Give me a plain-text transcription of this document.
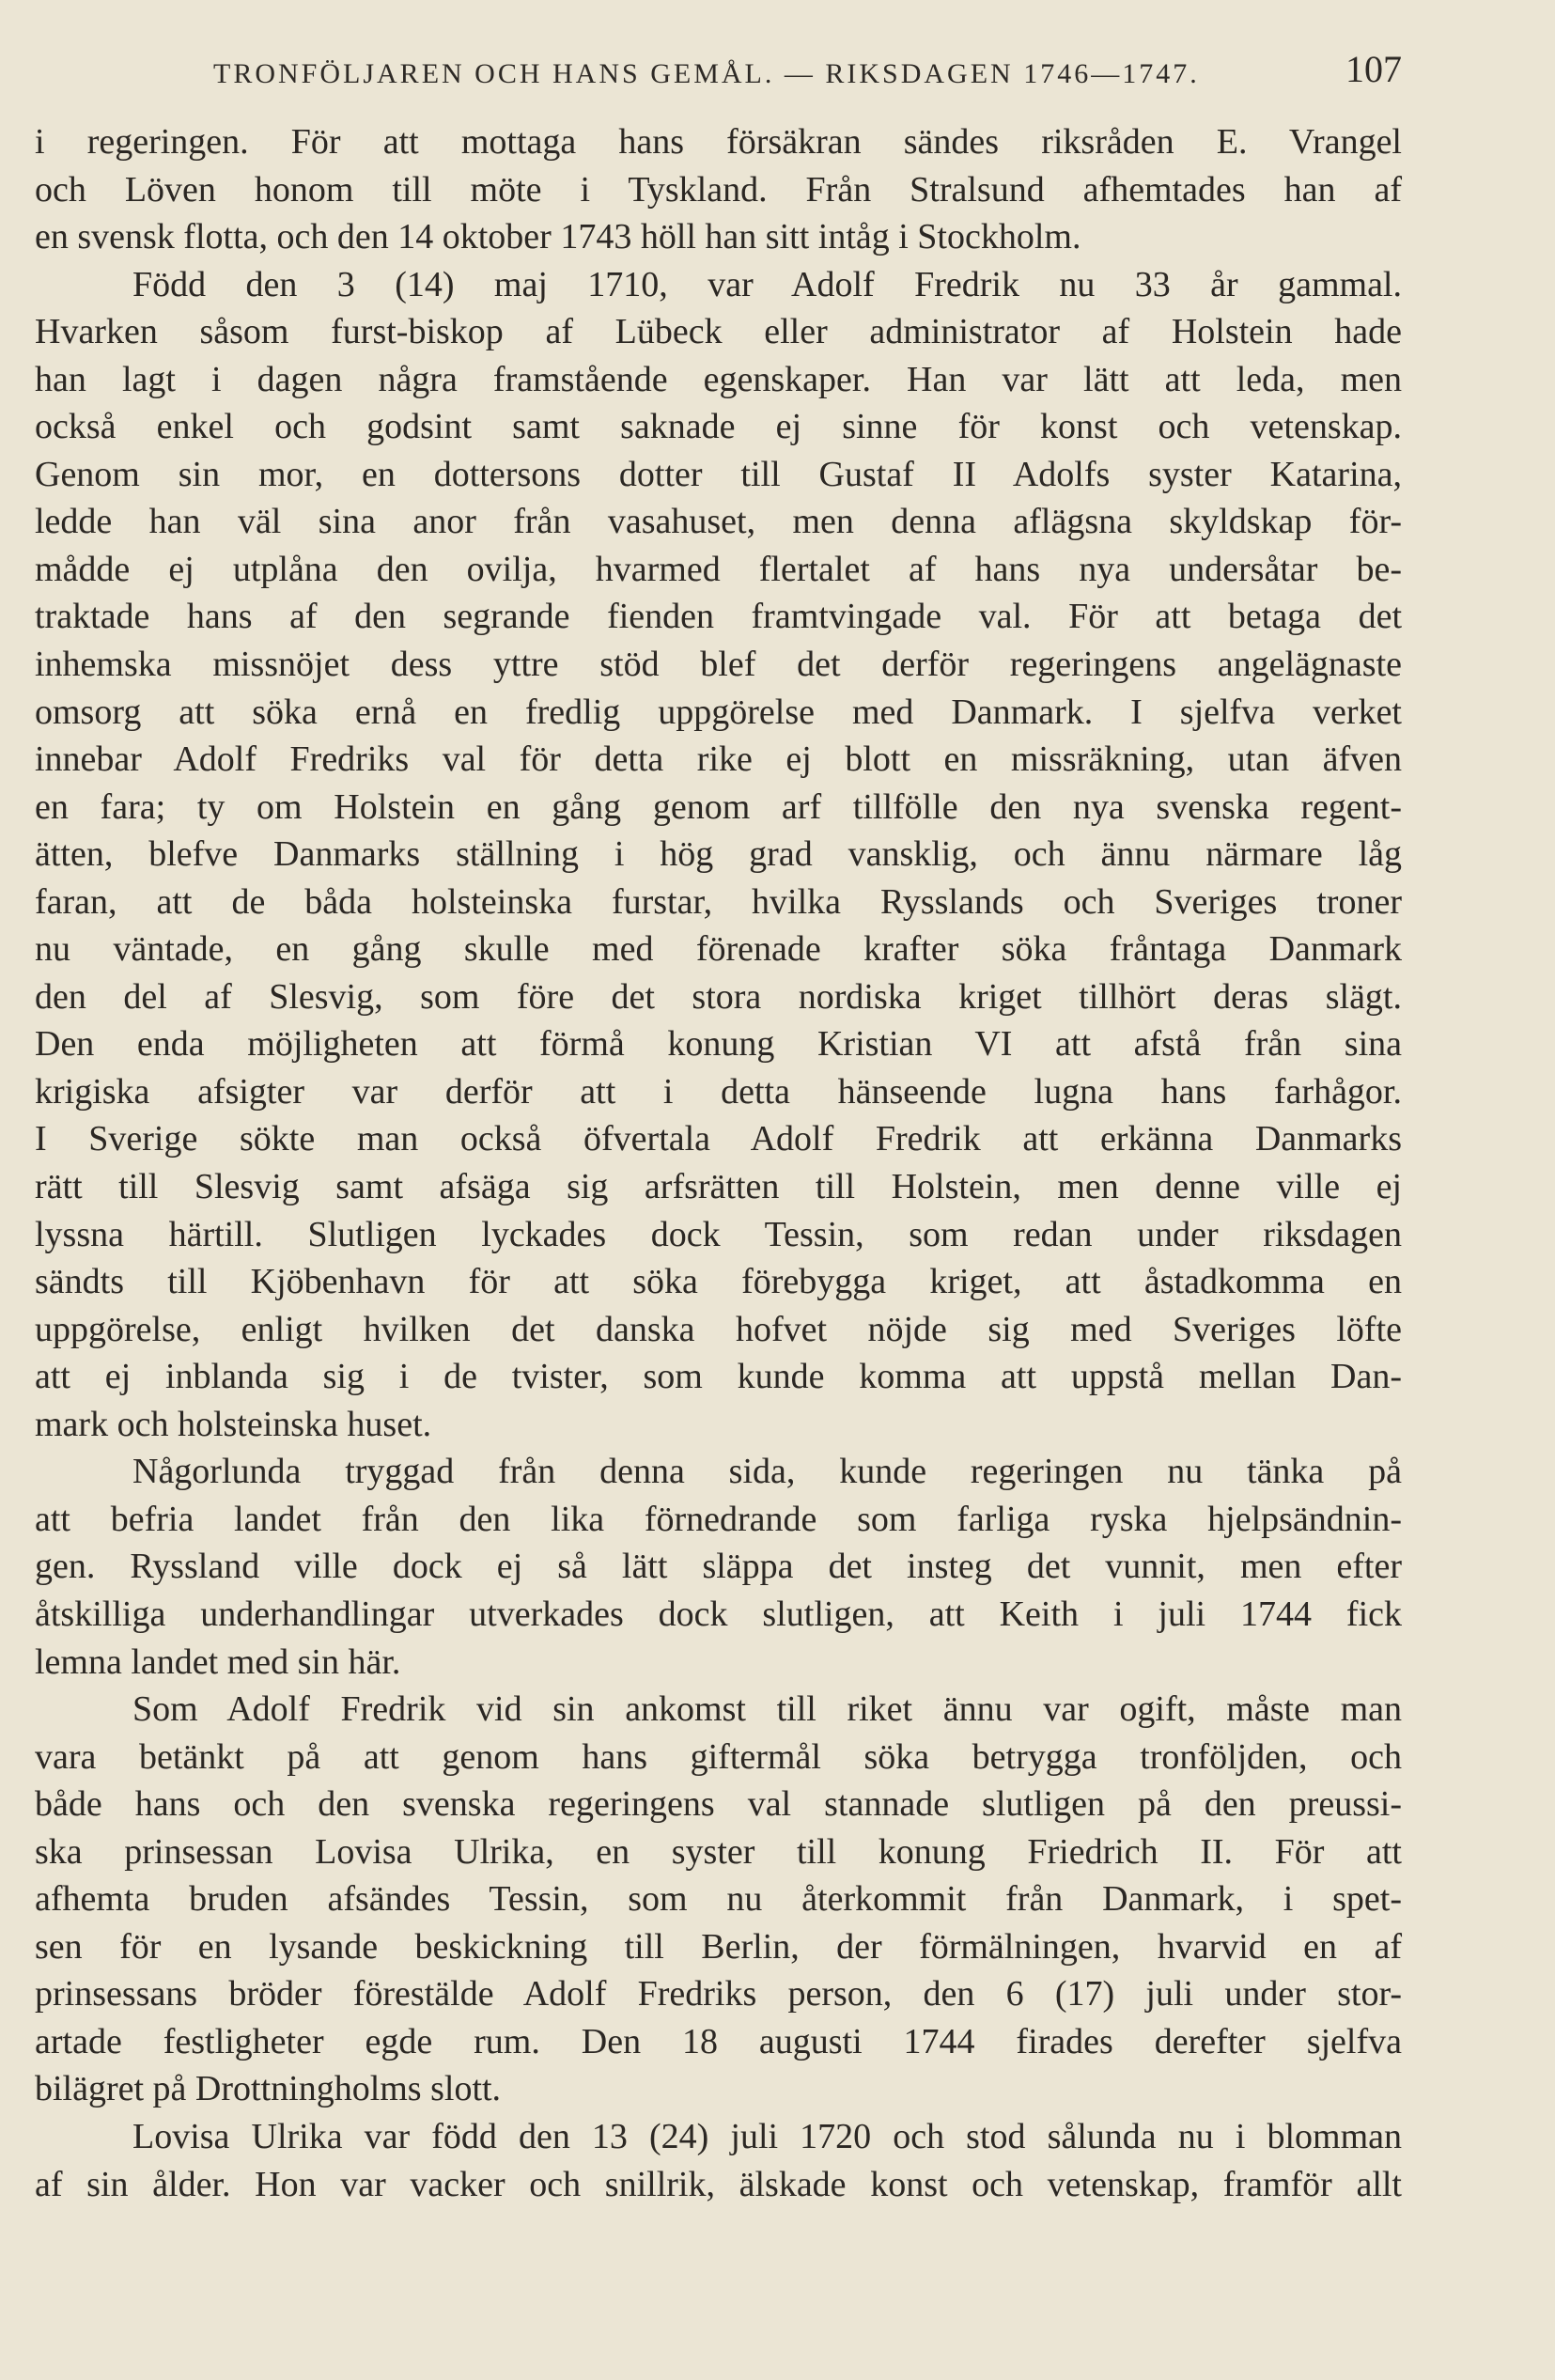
TRONFÖLJAREN OCH HANS GEMÅL. — RIKSDAGEN 1746—1747.	107
i regeringen. För att mottaga hans försäkran sändes riksråden E. Vrangel
och Löven honom till möte i Tyskland. Från Stralsund afhemtades han af
en svensk flotta, och den 14 oktober 1743 höll han sitt intåg i Stockholm.
Född den 3 (14) maj 1710, var Adolf Fredrik nu 33 år gammal.
Hvarken såsom furst-biskop af Lübeck eller administrator af Holstein hade
han lagt i dagen några framstående egenskaper. Han var lätt att leda, men
också enkel och godsint samt saknade ej sinne för konst och vetenskap.
Genom sin mor, en dottersons dotter till Gustaf II Adolfs syster Katarina,
ledde han väl sina anor från vasahuset, men denna aflägsna skyldskap för-
mådde ej utplåna den ovilja, hvarmed flertalet af hans nya undersåtar be-
traktade hans af den segrande fienden framtvingade val. För att betaga det
inhemska missnöjet dess yttre stöd blef det derför regeringens angelägnaste
omsorg att söka ernå en fredlig uppgörelse med Danmark. I sjelfva verket
innebar Adolf Fredriks val för detta rike ej blott en missräkning, utan äfven
en fara; ty om Holstein en gång genom arf tillfölle den nya svenska regent-
ätten, blefve Danmarks ställning i hög grad vansklig, och ännu närmare låg
faran, att de båda holsteinska furstar, hvilka Rysslands och Sveriges troner
nu väntade, en gång skulle med förenade krafter söka fråntaga Danmark
den del af Slesvig, som före det stora nordiska kriget tillhört deras slägt.
Den enda möjligheten att förmå konung Kristian VI att afstå från sina
krigiska afsigter var derför att i detta hänseende lugna hans farhågor.
I Sverige sökte man också öfvertala Adolf Fredrik att erkänna Danmarks
rätt till Slesvig samt afsäga sig arfsrätten till Holstein, men denne ville ej
lyssna härtill. Slutligen lyckades dock Tessin, som redan under riksdagen
sändts till Kjöbenhavn för att söka förebygga kriget, att åstadkomma en
uppgörelse, enligt hvilken det danska hofvet nöjde sig med Sveriges löfte
att ej inblanda sig i de tvister, som kunde komma att uppstå mellan Dan-
mark och holsteinska huset.
Någorlunda tryggad från denna sida, kunde regeringen nu tänka på
att befria landet från den lika förnedrande som farliga ryska hjelpsändnin-
gen. Ryssland ville dock ej så lätt släppa det insteg det vunnit, men efter
åtskilliga underhandlingar utverkades dock slutligen, att Keith i juli 1744 fick
lemna landet med sin här.
Som Adolf Fredrik vid sin ankomst till riket ännu var ogift, måste man
vara betänkt på att genom hans giftermål söka betrygga tronföljden, och
både hans och den svenska regeringens val stannade slutligen på den preussi-
ska prinsessan Lovisa Ulrika, en syster till konung Friedrich II. För att
afhemta bruden afsändes Tessin, som nu återkommit från Danmark, i spet-
sen för en lysande beskickning till Berlin, der förmälningen, hvarvid en af
prinsessans bröder förestälde Adolf Fredriks person, den 6 (17) juli under stor-
artade festligheter egde rum. Den 18 augusti 1744 firades derefter sjelfva
bilägret på Drottningholms slott.
Lovisa Ulrika var född den 13 (24) juli 1720 och stod sålunda nu i blomman
af sin ålder. Hon var vacker och snillrik, älskade konst och vetenskap, framför allt
